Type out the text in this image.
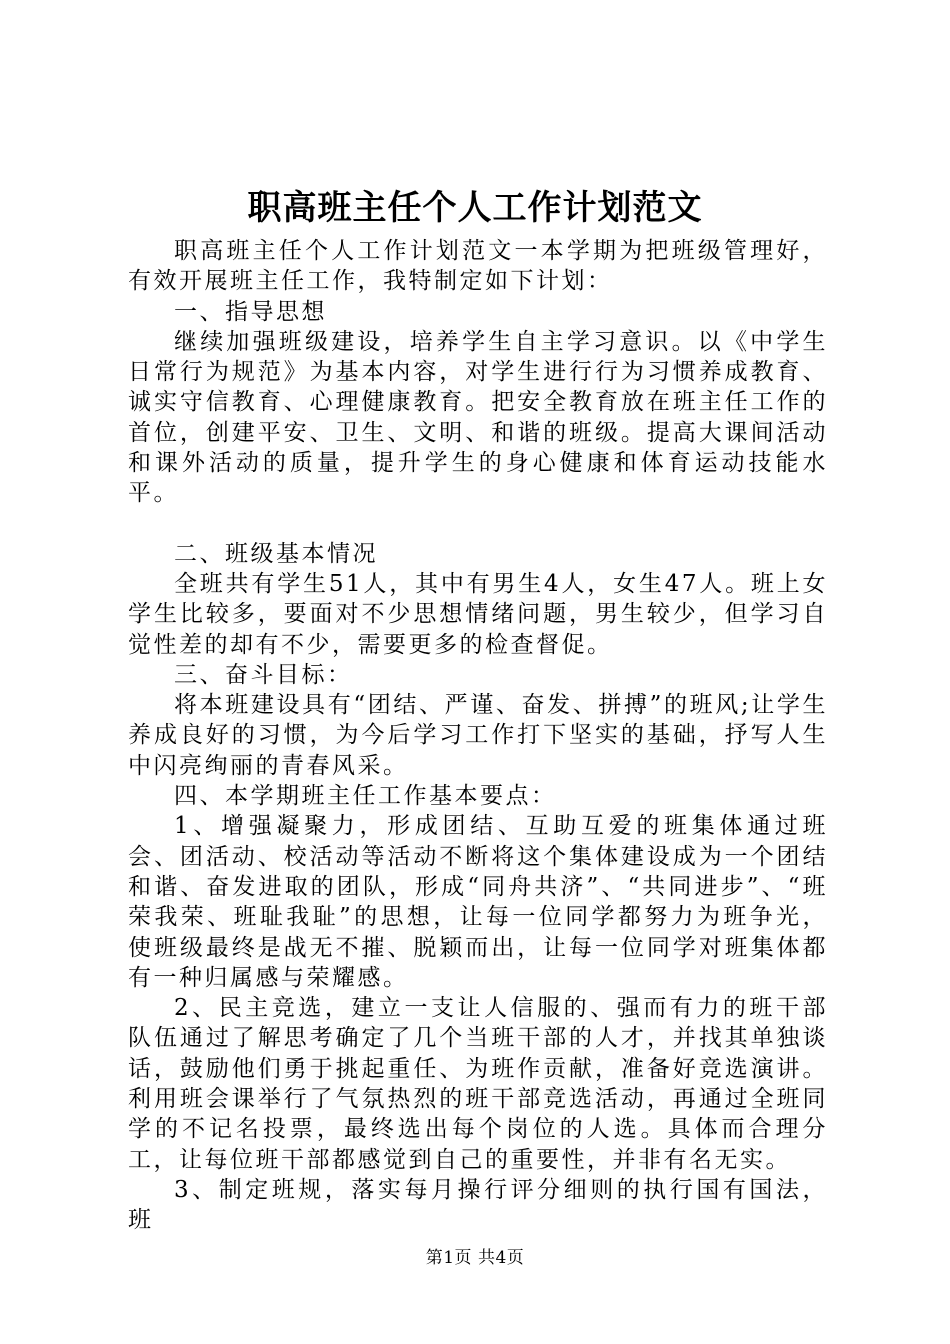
职高班主任个人工作计划范文

职高班主任个人工作计划范文一本学期为把班级管理好，有效开展班主任工作，我特制定如下计划：

一、指导思想

继续加强班级建设，培养学生自主学习意识。以《中学生日常行为规范》为基本内容，对学生进行行为习惯养成教育、诚实守信教育、心理健康教育。把安全教育放在班主任工作的首位，创建平安、卫生、文明、和谐的班级。提高大课间活动和课外活动的质量，提升学生的身心健康和体育运动技能水平。

二、班级基本情况

全班共有学生51人，其中有男生4人，女生47人。班上女学生比较多，要面对不少思想情绪问题，男生较少，但学习自觉性差的却有不少，需要更多的检查督促。

三、奋斗目标：

将本班建设具有“团结、严谨、奋发、拼搏”的班风;让学生养成良好的习惯，为今后学习工作打下坚实的基础，抒写人生中闪亮绚丽的青春风采。

四、本学期班主任工作基本要点：

1、增强凝聚力，形成团结、互助互爱的班集体通过班会、团活动、校活动等活动不断将这个集体建设成为一个团结和谐、奋发进取的团队，形成“同舟共济”、“共同进步”、“班荣我荣、班耻我耻”的思想，让每一位同学都努力为班争光，使班级最终是战无不摧、脱颖而出，让每一位同学对班集体都有一种归属感与荣耀感。

2、民主竞选，建立一支让人信服的、强而有力的班干部队伍通过了解思考确定了几个当班干部的人才，并找其单独谈话，鼓励他们勇于挑起重任、为班作贡献，准备好竞选演讲。利用班会课举行了气氛热烈的班干部竞选活动，再通过全班同学的不记名投票，最终选出每个岗位的人选。具体而合理分工，让每位班干部都感觉到自己的重要性，并非有名无实。

3、制定班规，落实每月操行评分细则的执行国有国法，班

第1页 共4页
